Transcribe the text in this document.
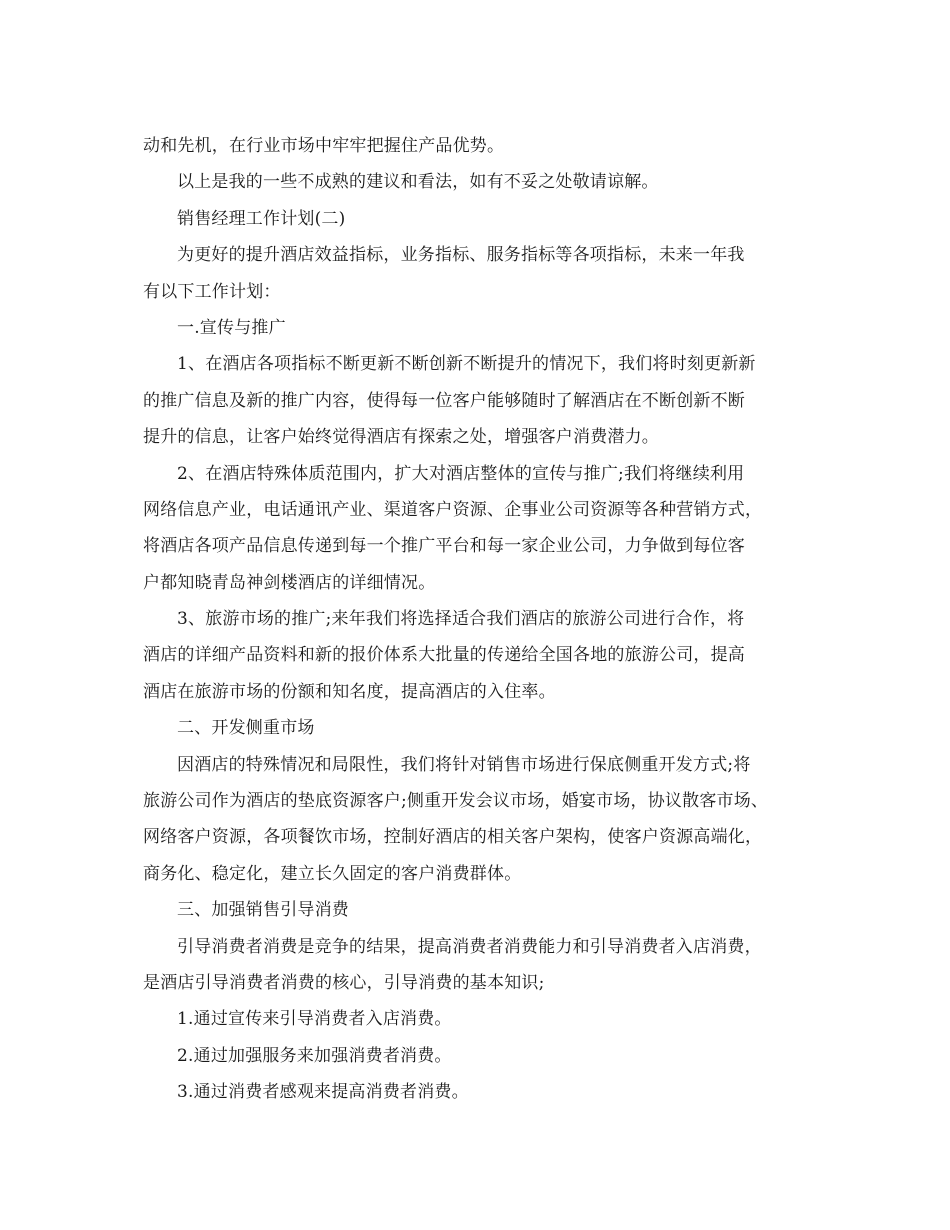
动和先机，在行业市场中牢牢把握住产品优势。
以上是我的一些不成熟的建议和看法，如有不妥之处敬请谅解。
销售经理工作计划(二)
为更好的提升酒店效益指标，业务指标、服务指标等各项指标，未来一年我
有以下工作计划：
一.宣传与推广
1、在酒店各项指标不断更新不断创新不断提升的情况下，我们将时刻更新新
的推广信息及新的推广内容，使得每一位客户能够随时了解酒店在不断创新不断
提升的信息，让客户始终觉得酒店有探索之处，增强客户消费潜力。
2、在酒店特殊体质范围内，扩大对酒店整体的宣传与推广;我们将继续利用
网络信息产业，电话通讯产业、渠道客户资源、企事业公司资源等各种营销方式，
将酒店各项产品信息传递到每一个推广平台和每一家企业公司，力争做到每位客
户都知晓青岛神剑楼酒店的详细情况。
3、旅游市场的推广;来年我们将选择适合我们酒店的旅游公司进行合作，将
酒店的详细产品资料和新的报价体系大批量的传递给全国各地的旅游公司，提高
酒店在旅游市场的份额和知名度，提高酒店的入住率。
二、开发侧重市场
因酒店的特殊情况和局限性，我们将针对销售市场进行保底侧重开发方式;将
旅游公司作为酒店的垫底资源客户;侧重开发会议市场，婚宴市场，协议散客市场、
网络客户资源，各项餐饮市场，控制好酒店的相关客户架构，使客户资源高端化，
商务化、稳定化，建立长久固定的客户消费群体。
三、加强销售引导消费
引导消费者消费是竞争的结果，提高消费者消费能力和引导消费者入店消费，
是酒店引导消费者消费的核心，引导消费的基本知识;
1.通过宣传来引导消费者入店消费。
2.通过加强服务来加强消费者消费。
3.通过消费者感观来提高消费者消费。
